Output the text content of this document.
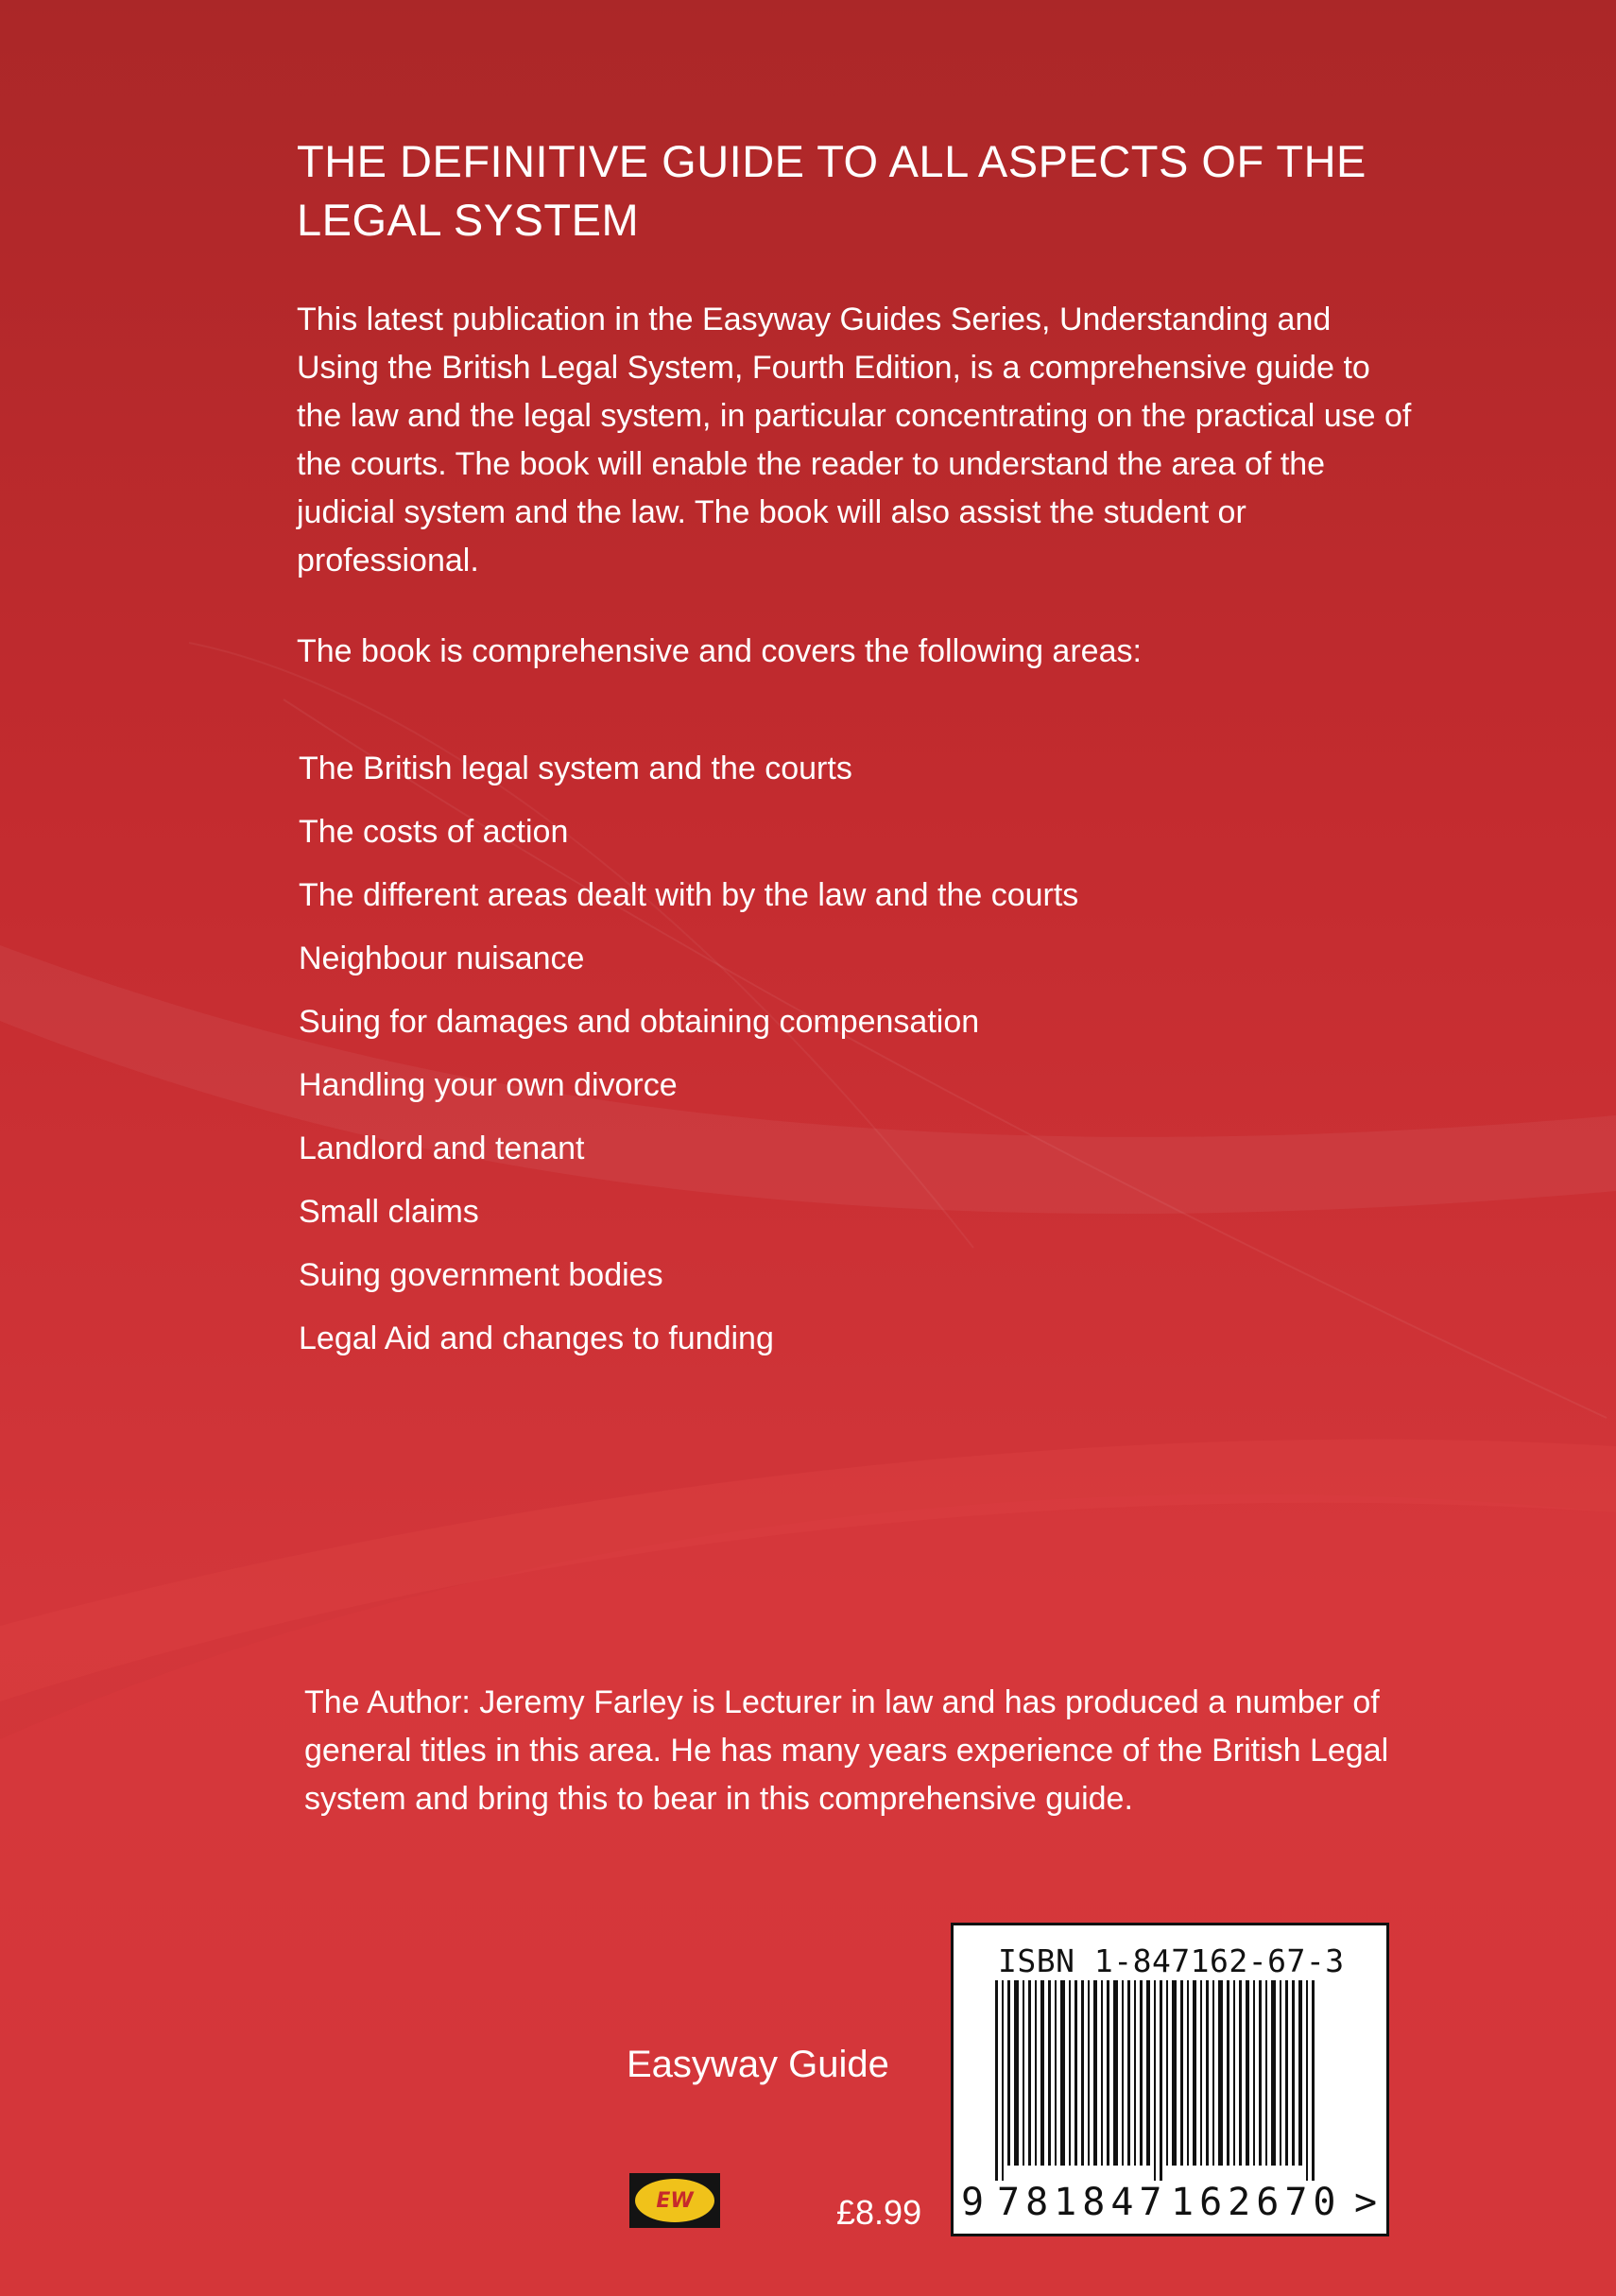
THE DEFINITIVE GUIDE TO ALL ASPECTS OF THE LEGAL SYSTEM

This latest publication in the Easyway Guides Series, Understanding and Using the British Legal System, Fourth Edition, is a comprehensive guide to the law and the legal system, in particular concentrating on the practical use of the courts. The book will enable the reader to understand the area of the judicial system and the law. The book will also assist the student or professional.

The book is comprehensive and covers the following areas:

The British legal system and the courts
The costs of action
The different areas dealt with by the law and the courts
Neighbour nuisance
Suing for damages and obtaining compensation
Handling your own divorce
Landlord and tenant
Small claims
Suing government bodies
Legal Aid and changes to funding

The Author: Jeremy Farley is Lecturer in law and has produced a number of general titles in this area. He has many years experience of the British Legal system and bring this to bear in this comprehensive guide.

Easyway Guide
EW	£8.99

ISBN 1-847162-67-3

9 781847 162670 >
